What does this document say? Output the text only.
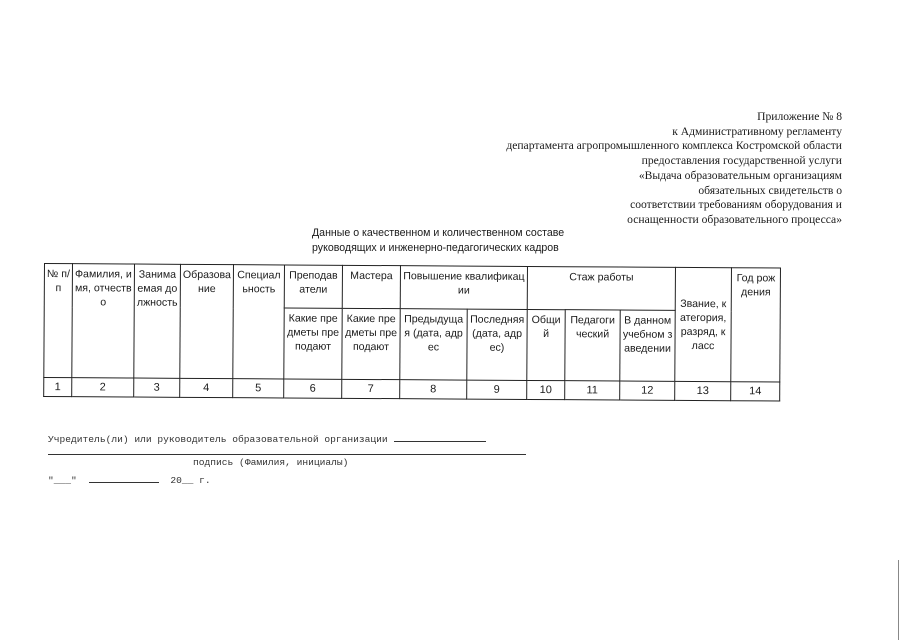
Приложение № 8
к Административному регламенту
департамента агропромышленного комплекса Костромской области
предоставления государственной услуги
«Выдача образовательным организациям
обязательных свидетельств о
соответствии требованиям оборудования и
оснащенности образовательного процесса»
Данные о качественном и количественном составе
руководящих и инженерно-педагогических кадров
№ п/п	Фамилия, имя, отчество	Занимаемая должность	Образование	Специальность	Преподаватели	Мастера	Повышение квалификации		Стаж работы			Звание, категория, разряд, класс	Год рождения
					Какие предметы преподают	Какие предметы преподают	Предыдущая (дата, адрес	Последняя (дата, адрес)	Общий	Педагогический	В данном учебном заведении		
1	2	3	4	5	6	7	8	9	10	11	12	13	14
Учредитель(ли) или руководитель образовательной организации
подпись (Фамилия, инициалы)
"___"	20__ г.
